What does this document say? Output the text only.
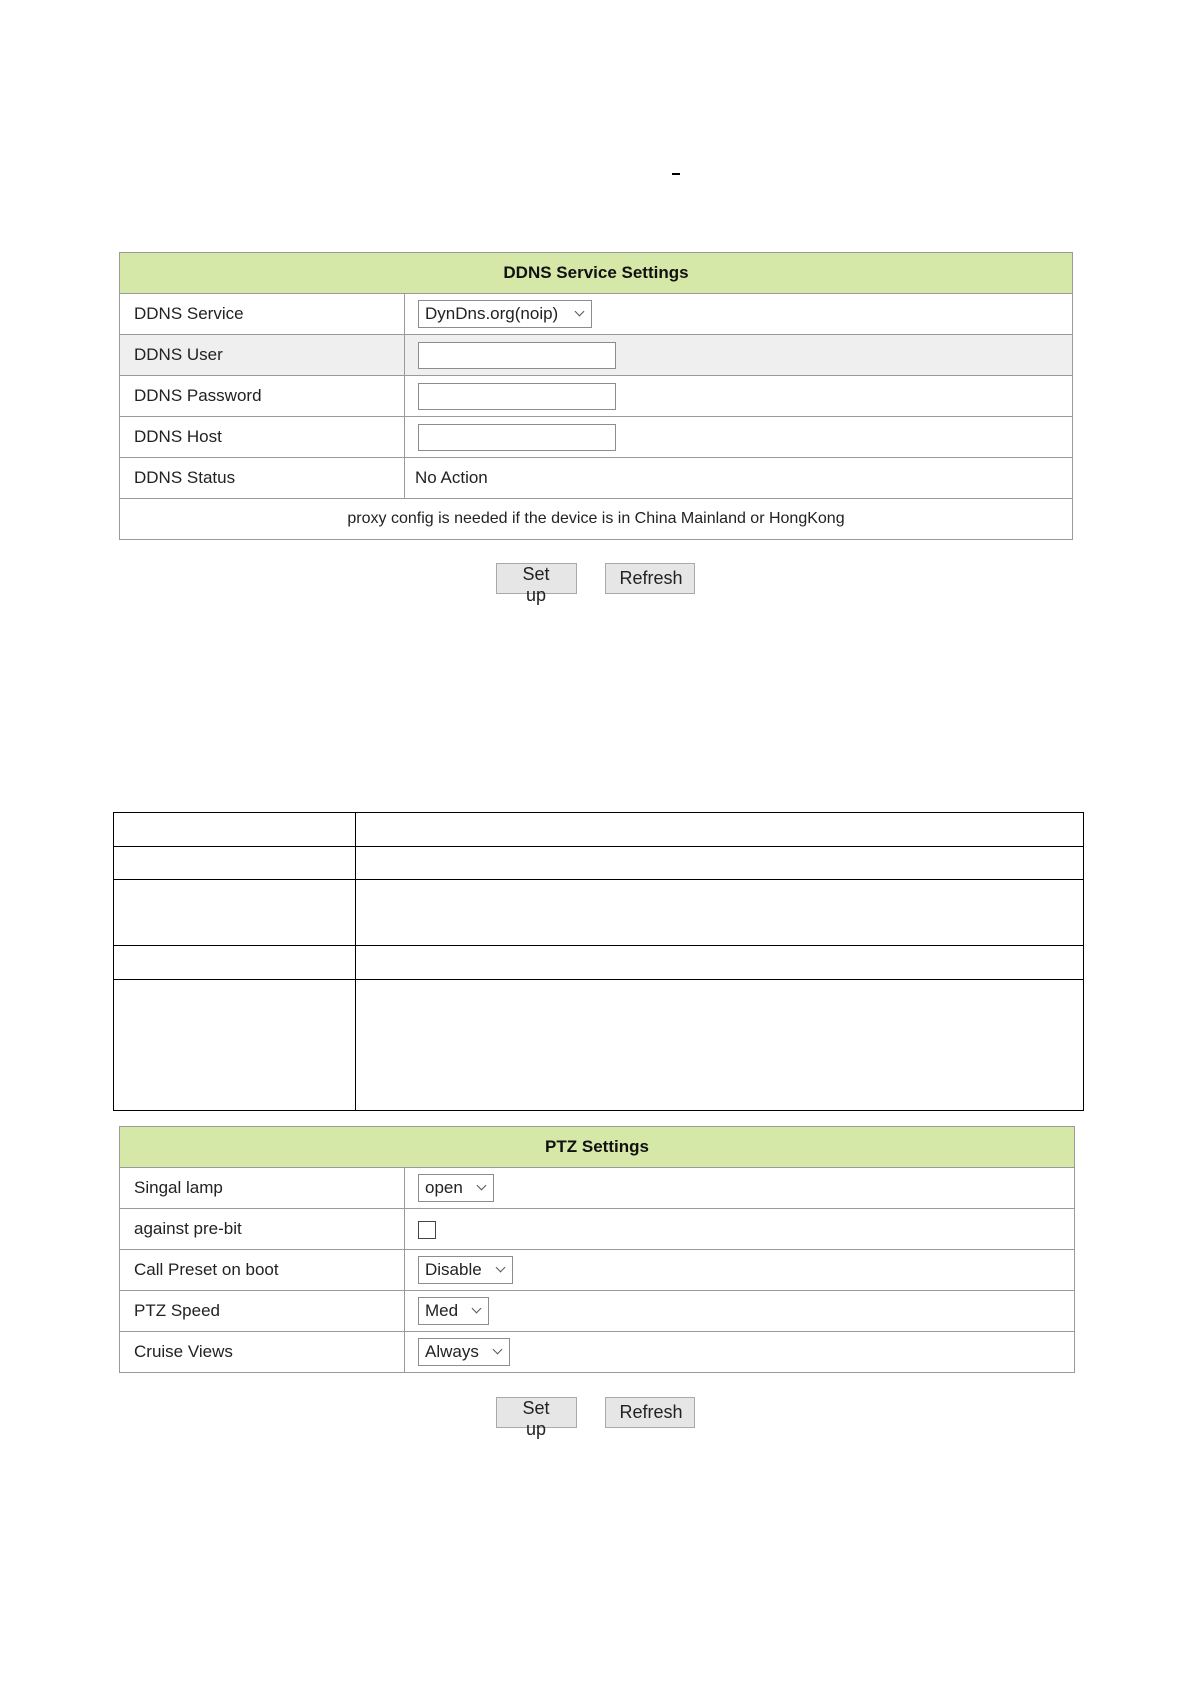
DDNS Service Settings	
DDNS Service	DynDns.org(noip)

DDNS User	
DDNS Password	
DDNS Host	
DDNS Status	No Action
proxy config is needed if the device is in China Mainland or HongKong	
Set up
Refresh

PTZ Settings	
Singal lamp	open

against pre-bit	
Call Preset on boot	Disable

PTZ Speed	Med

Cruise Views	Always
Set up
Refresh
